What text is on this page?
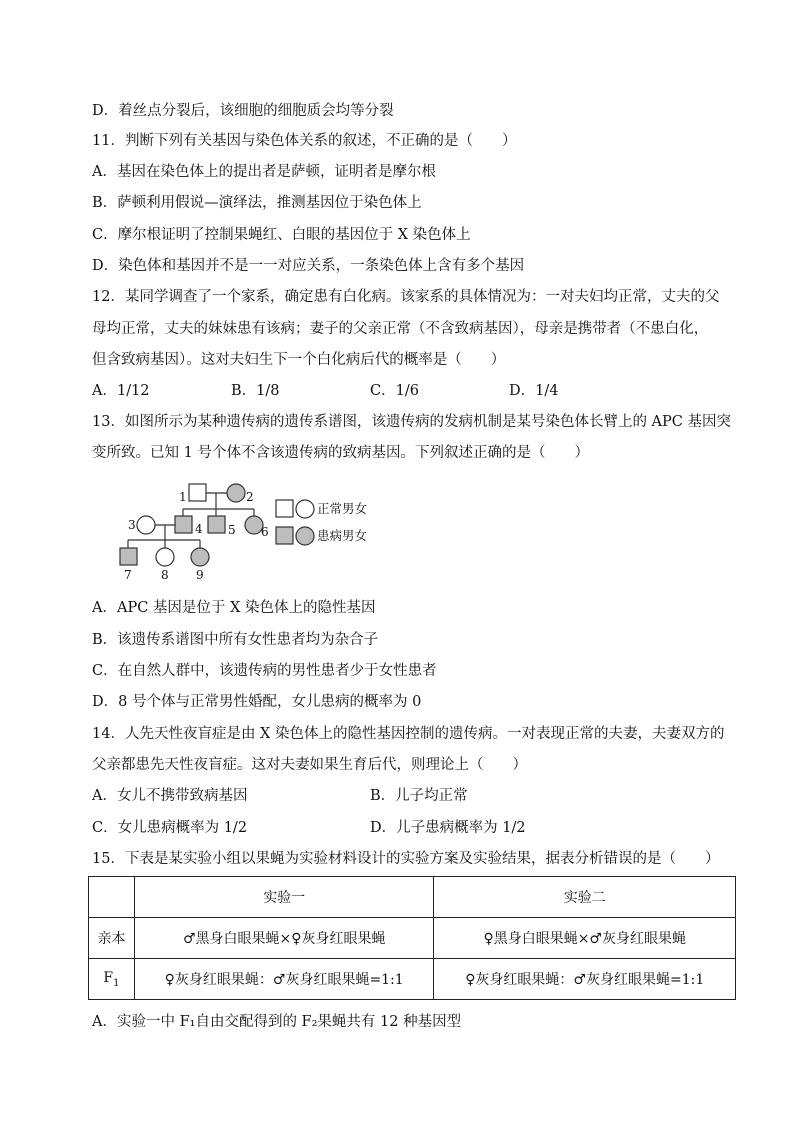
D．着丝点分裂后，该细胞的细胞质会均等分裂
11．判断下列有关基因与染色体关系的叙述，不正确的是（　　）
A．基因在染色体上的提出者是萨顿，证明者是摩尔根
B．萨顿利用假说—演绎法，推测基因位于染色体上
C．摩尔根证明了控制果蝇红、白眼的基因位于 X 染色体上
D．染色体和基因并不是一一对应关系，一条染色体上含有多个基因
12．某同学调查了一个家系，确定患有白化病。该家系的具体情况为：一对夫妇均正常，丈夫的父
母均正常，丈夫的妹妹患有该病；妻子的父亲正常（不含致病基因），母亲是携带者（不患白化，
但含致病基因）。这对夫妇生下一个白化病后代的概率是（　　）
A．1/12	B．1/8	C．1/6	D．1/4
13．如图所示为某种遗传病的遗传系谱图，该遗传病的发病机制是某号染色体长臂上的 APC 基因突
变所致。已知 1 号个体不含该遗传病的致病基因。下列叙述正确的是（　　）
1	2
3	4 5 6
7 8 9
正常男女
患病男女
A．APC 基因是位于 X 染色体上的隐性基因
B．该遗传系谱图中所有女性患者均为杂合子
C．在自然人群中，该遗传病的男性患者少于女性患者
D．8 号个体与正常男性婚配，女儿患病的概率为 0
14．人先天性夜盲症是由 X 染色体上的隐性基因控制的遗传病。一对表现正常的夫妻，夫妻双方的
父亲都患先天性夜盲症。这对夫妻如果生育后代，则理论上（　　）
A．女儿不携带致病基因	B．儿子均正常
C．女儿患病概率为 1/2	D．儿子患病概率为 1/2
15．下表是某实验小组以果蝇为实验材料设计的实验方案及实验结果，据表分析错误的是（　　）
	实验一	实验二
亲本	♂黑身白眼果蝇×♀灰身红眼果蝇	♀黑身白眼果蝇×♂灰身红眼果蝇
$F_1$	♀灰身红眼果蝇：♂灰身红眼果蝇=1:1	♀灰身红眼果蝇：♂灰身红眼果蝇=1:1
A．实验一中 F₁自由交配得到的 F₂果蝇共有 12 种基因型
